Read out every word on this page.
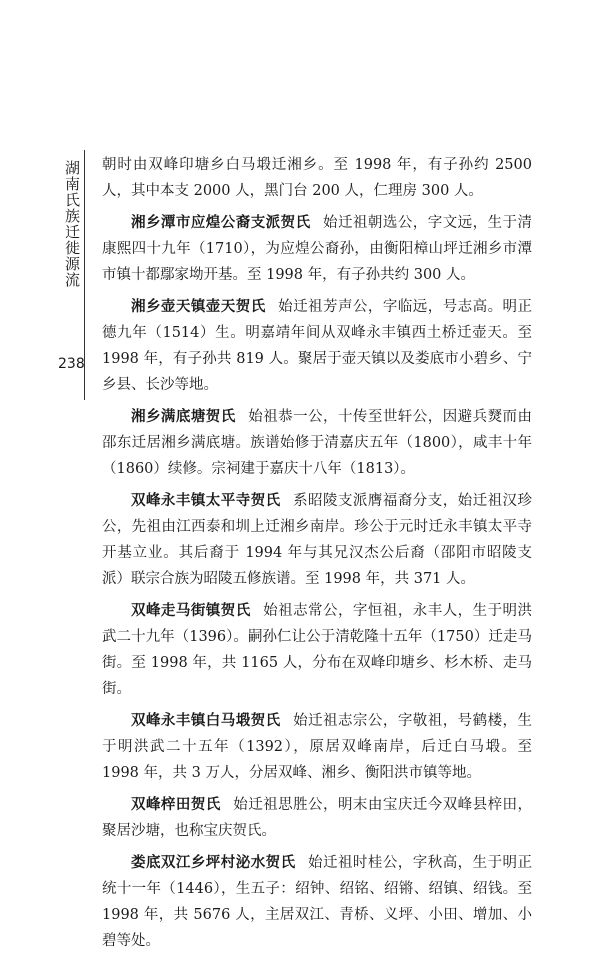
湖南氏族迁徙源流
238

朝时由双峰印塘乡白马塅迁湘乡。至 1998 年，有子孙约 2500 人，其中本支 2000 人，黑门台 200 人，仁理房 300 人。

湘乡潭市应煌公裔支派贺氏 始迁祖朝选公，字文远，生于清康熙四十九年（1710），为应煌公裔孙，由衡阳樟山坪迁湘乡市潭市镇十都鄢家坳开基。至 1998 年，有子孙共约 300 人。

湘乡壶天镇壶天贺氏 始迁祖芳声公，字临远，号志高。明正德九年（1514）生。明嘉靖年间从双峰永丰镇西土桥迁壶天。至 1998 年，有子孙共 819 人。聚居于壶天镇以及娄底市小碧乡、宁乡县、长沙等地。

湘乡满底塘贺氏 始祖恭一公，十传至世轩公，因避兵燹而由邵东迁居湘乡满底塘。族谱始修于清嘉庆五年（1800），咸丰十年（1860）续修。宗祠建于嘉庆十八年（1813）。

双峰永丰镇太平寺贺氏 系昭陵支派膺福裔分支，始迁祖汉珍公，先祖由江西泰和圳上迁湘乡南岸。珍公于元时迁永丰镇太平寺开基立业。其后裔于 1994 年与其兄汉杰公后裔（邵阳市昭陵支派）联宗合族为昭陵五修族谱。至 1998 年，共 371 人。

双峰走马街镇贺氏 始祖志常公，字恒祖，永丰人，生于明洪武二十九年（1396）。嗣孙仁让公于清乾隆十五年（1750）迁走马街。至 1998 年，共 1165 人，分布在双峰印塘乡、杉木桥、走马街。

双峰永丰镇白马塅贺氏 始迁祖志宗公，字敬祖，号鹤楼，生于明洪武二十五年（1392），原居双峰南岸，后迁白马塅。至 1998 年，共 3 万人，分居双峰、湘乡、衡阳洪市镇等地。

双峰梓田贺氏 始迁祖思胜公，明末由宝庆迁今双峰县梓田，聚居沙塘，也称宝庆贺氏。

娄底双江乡坪村泌水贺氏 始迁祖时桂公，字秋高，生于明正统十一年（1446），生五子：绍钟、绍铭、绍锵、绍镇、绍钱。至 1998 年，共 5676 人，主居双江、青桥、义坪、小田、增加、小碧等处。
